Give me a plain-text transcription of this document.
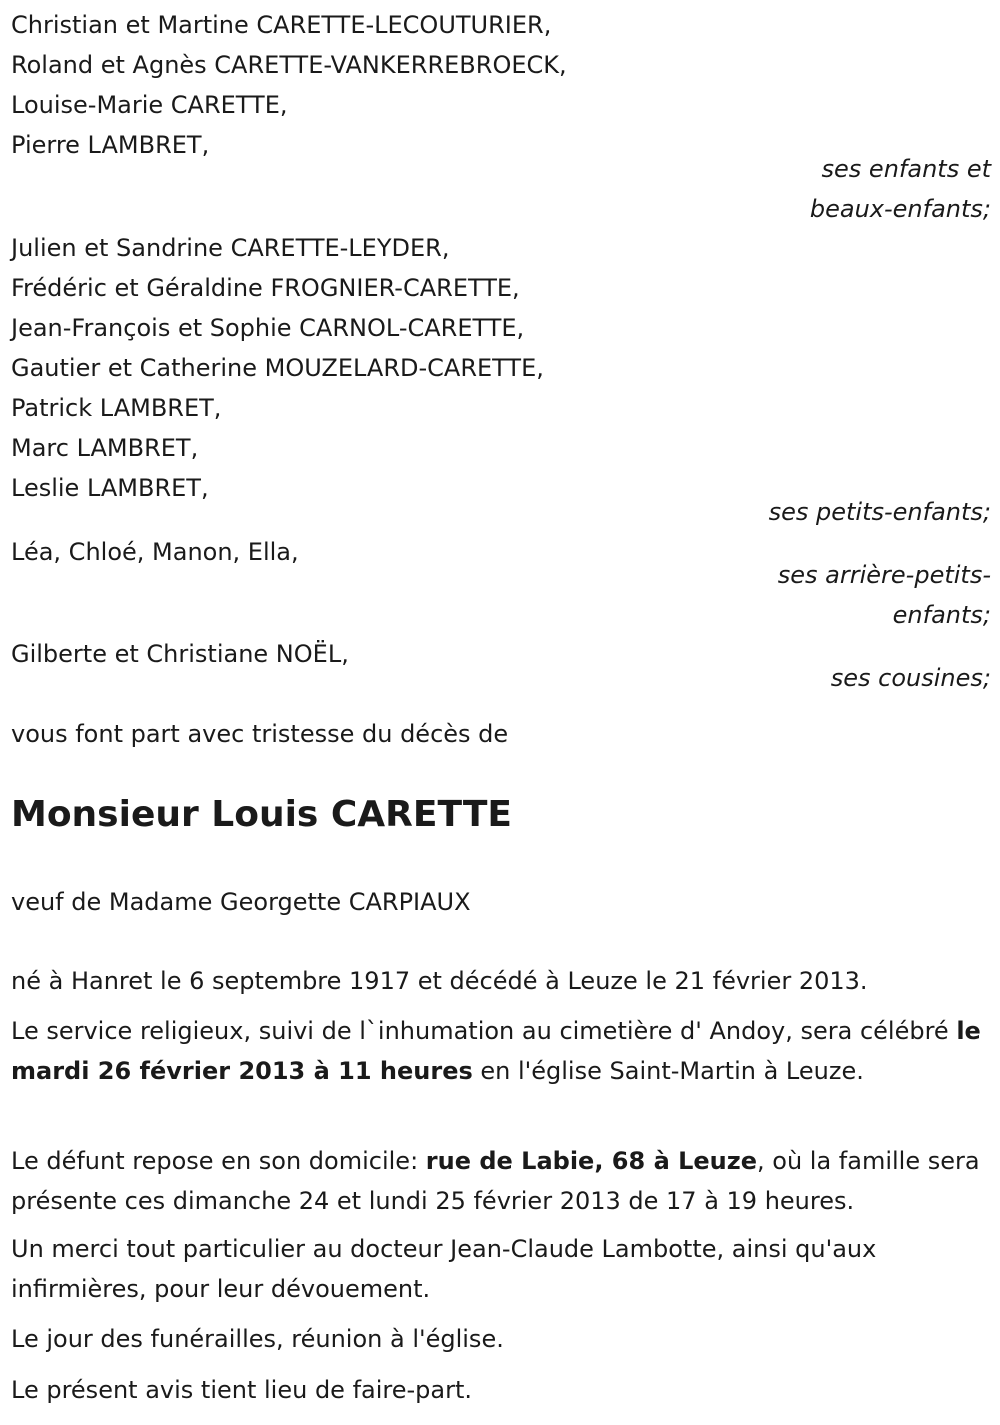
Christian et Martine CARETTE-LECOUTURIER,
Roland et Agnès CARETTE-VANKERREBROECK,
Louise-Marie CARETTE,
Pierre LAMBRET,
ses enfants et
beaux-enfants;
Julien et Sandrine CARETTE-LEYDER,
Frédéric et Géraldine FROGNIER-CARETTE,
Jean-François et Sophie CARNOL-CARETTE,
Gautier et Catherine MOUZELARD-CARETTE,
Patrick LAMBRET,
Marc LAMBRET,
Leslie LAMBRET,
ses petits-enfants;
Léa, Chloé, Manon, Ella,
ses arrière-petits-
enfants;
Gilberte et Christiane NOËL,
ses cousines;
vous font part avec tristesse du décès de
Monsieur Louis CARETTE
veuf de Madame Georgette CARPIAUX
né à Hanret le 6 septembre 1917 et décédé à Leuze le 21 février 2013.

Le service religieux, suivi de l`inhumation au cimetière d' Andoy, sera célébré le mardi 26 février 2013 à 11 heures en l'église Saint-Martin à Leuze.

Le défunt repose en son domicile: rue de Labie, 68 à Leuze, où la famille sera présente ces dimanche 24 et lundi 25 février 2013 de 17 à 19 heures.

Un merci tout particulier au docteur Jean-Claude Lambotte, ainsi qu'aux infirmières, pour leur dévouement.

Le jour des funérailles, réunion à l'église.
Le présent avis tient lieu de faire-part.
